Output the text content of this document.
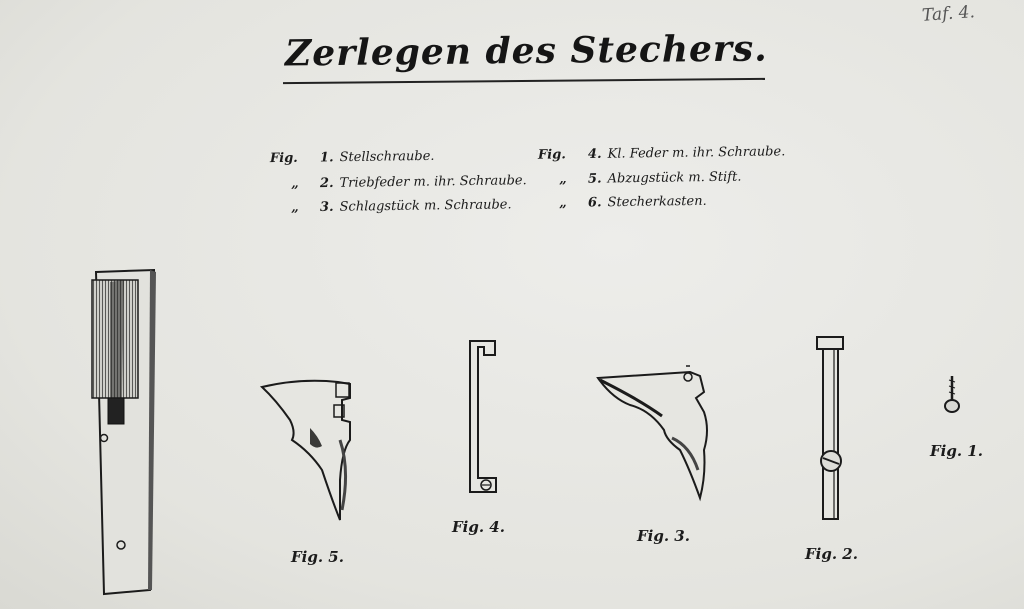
Taf. 4.
Zerlegen des Stechers.
Fig. 1. Stellschraube.
„ 2. Triebfeder m. ihr. Schraube.
„ 3. Schlagstück m. Schraube.
Fig. 4. Kl. Feder m. ihr. Schraube.
„ 5. Abzugstück m. Stift.
„ 6. Stecherkasten.
Fig. 5.
Fig. 4.	Fig. 3.
Fig. 2.
Fig. 1.
